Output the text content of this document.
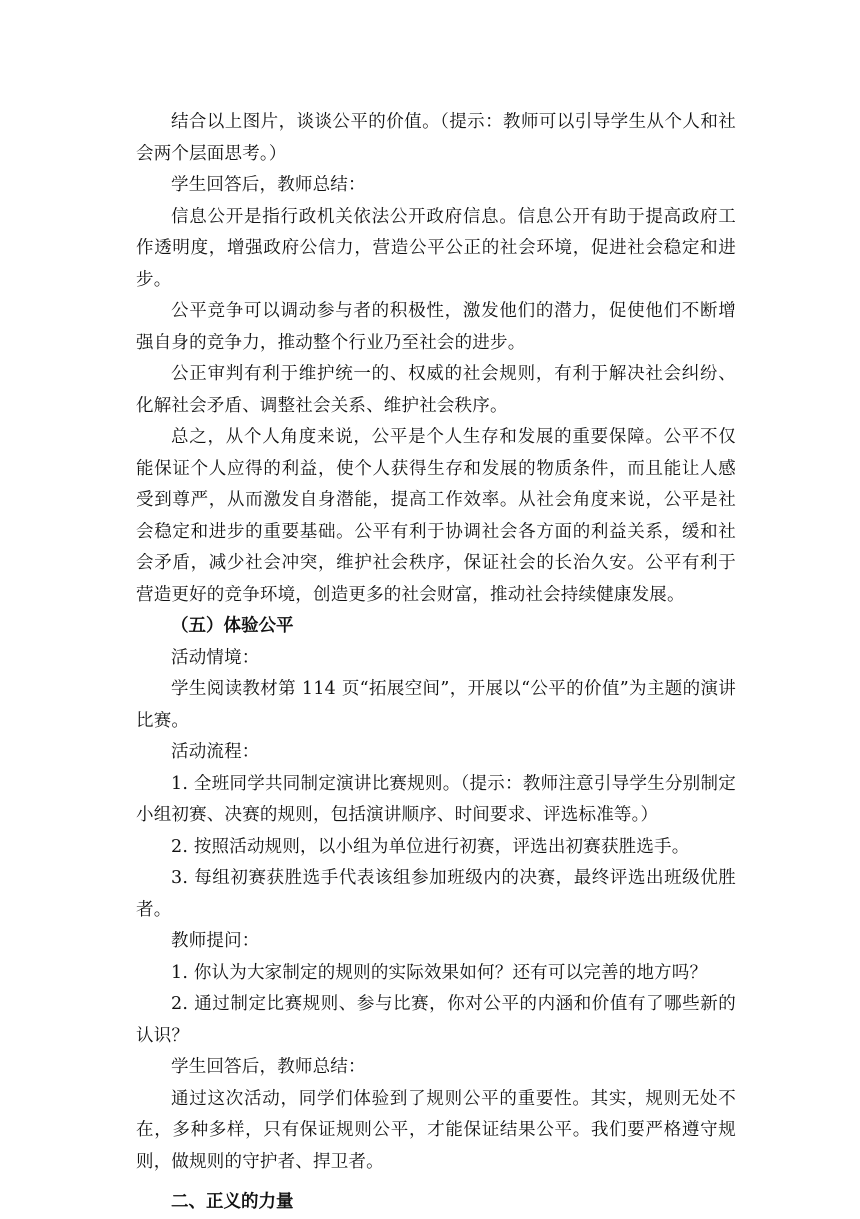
结合以上图片，谈谈公平的价值。（提示：教师可以引导学生从个人和社会两个层面思考。）

学生回答后，教师总结：

信息公开是指行政机关依法公开政府信息。信息公开有助于提高政府工作透明度，增强政府公信力，营造公平公正的社会环境，促进社会稳定和进步。

公平竞争可以调动参与者的积极性，激发他们的潜力，促使他们不断增强自身的竞争力，推动整个行业乃至社会的进步。

公正审判有利于维护统一的、权威的社会规则，有利于解决社会纠纷、化解社会矛盾、调整社会关系、维护社会秩序。

总之，从个人角度来说，公平是个人生存和发展的重要保障。公平不仅能保证个人应得的利益，使个人获得生存和发展的物质条件，而且能让人感受到尊严，从而激发自身潜能，提高工作效率。从社会角度来说，公平是社会稳定和进步的重要基础。公平有利于协调社会各方面的利益关系，缓和社会矛盾，减少社会冲突，维护社会秩序，保证社会的长治久安。公平有利于营造更好的竞争环境，创造更多的社会财富，推动社会持续健康发展。

（五）体验公平

活动情境：

学生阅读教材第 114 页“拓展空间”，开展以“公平的价值”为主题的演讲比赛。

活动流程：

1. 全班同学共同制定演讲比赛规则。（提示：教师注意引导学生分别制定小组初赛、决赛的规则，包括演讲顺序、时间要求、评选标准等。）

2. 按照活动规则，以小组为单位进行初赛，评选出初赛获胜选手。

3. 每组初赛获胜选手代表该组参加班级内的决赛，最终评选出班级优胜者。

教师提问：

1. 你认为大家制定的规则的实际效果如何？还有可以完善的地方吗？

2. 通过制定比赛规则、参与比赛，你对公平的内涵和价值有了哪些新的认识？

学生回答后，教师总结：

通过这次活动，同学们体验到了规则公平的重要性。其实，规则无处不在，多种多样，只有保证规则公平，才能保证结果公平。我们要严格遵守规则，做规则的守护者、捍卫者。

二、正义的力量
